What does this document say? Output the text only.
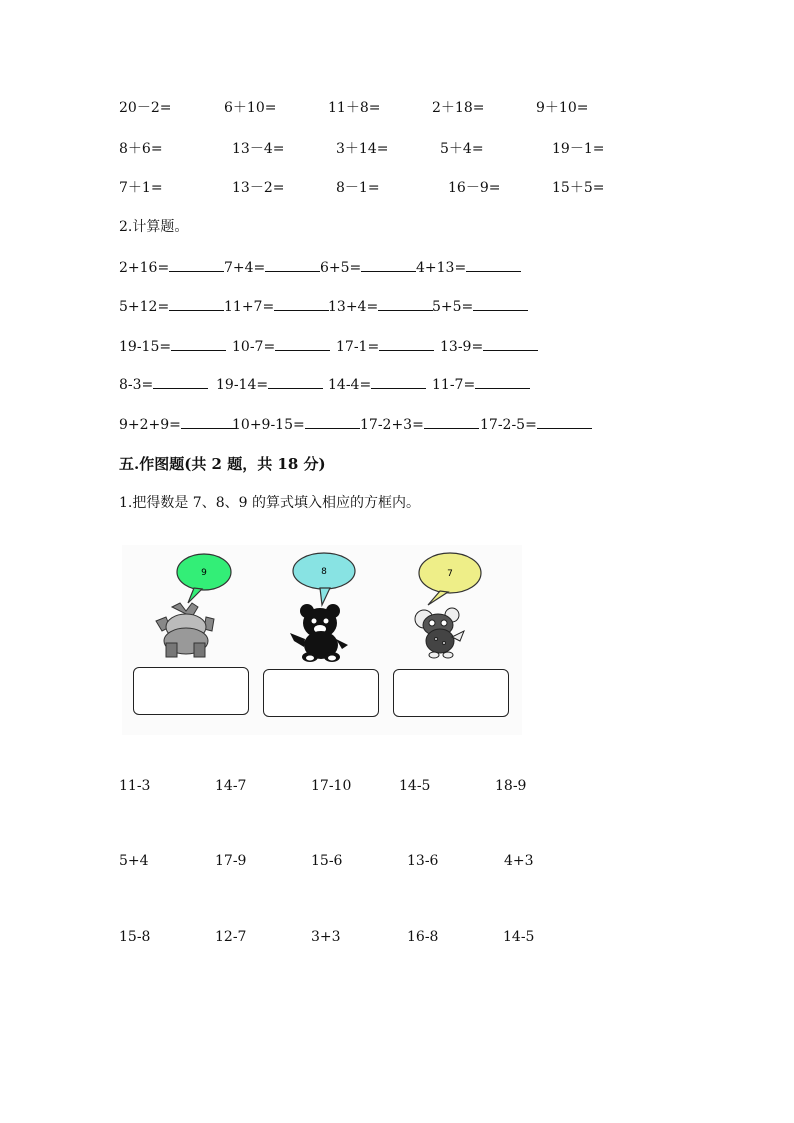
20－2=	6＋10=	11＋8=	2＋18=	9＋10=
8＋6=	13－4=	3＋14=	5＋4=	19－1=
7＋1=	13－2=	8－1=	16－9=	15＋5=
2.计算题。
2+16=	7+4=	6+5=	4+13=
5+12=	11+7=	13+4=	5+5=
19-15=	10-7=	17-1=	13-9=
8-3=	19-14=	14-4=	11-7=
9+2+9=	10+9-15=	17-2+3=	17-2-5=
五.作图题(共 2 题，共 18 分)
1.把得数是 7、8、9 的算式填入相应的方框内。
9	8	7
11-3	14-7	17-10	14-5	18-9
5+4	17-9	15-6	13-6	4+3
15-8	12-7	3+3	16-8	14-5
